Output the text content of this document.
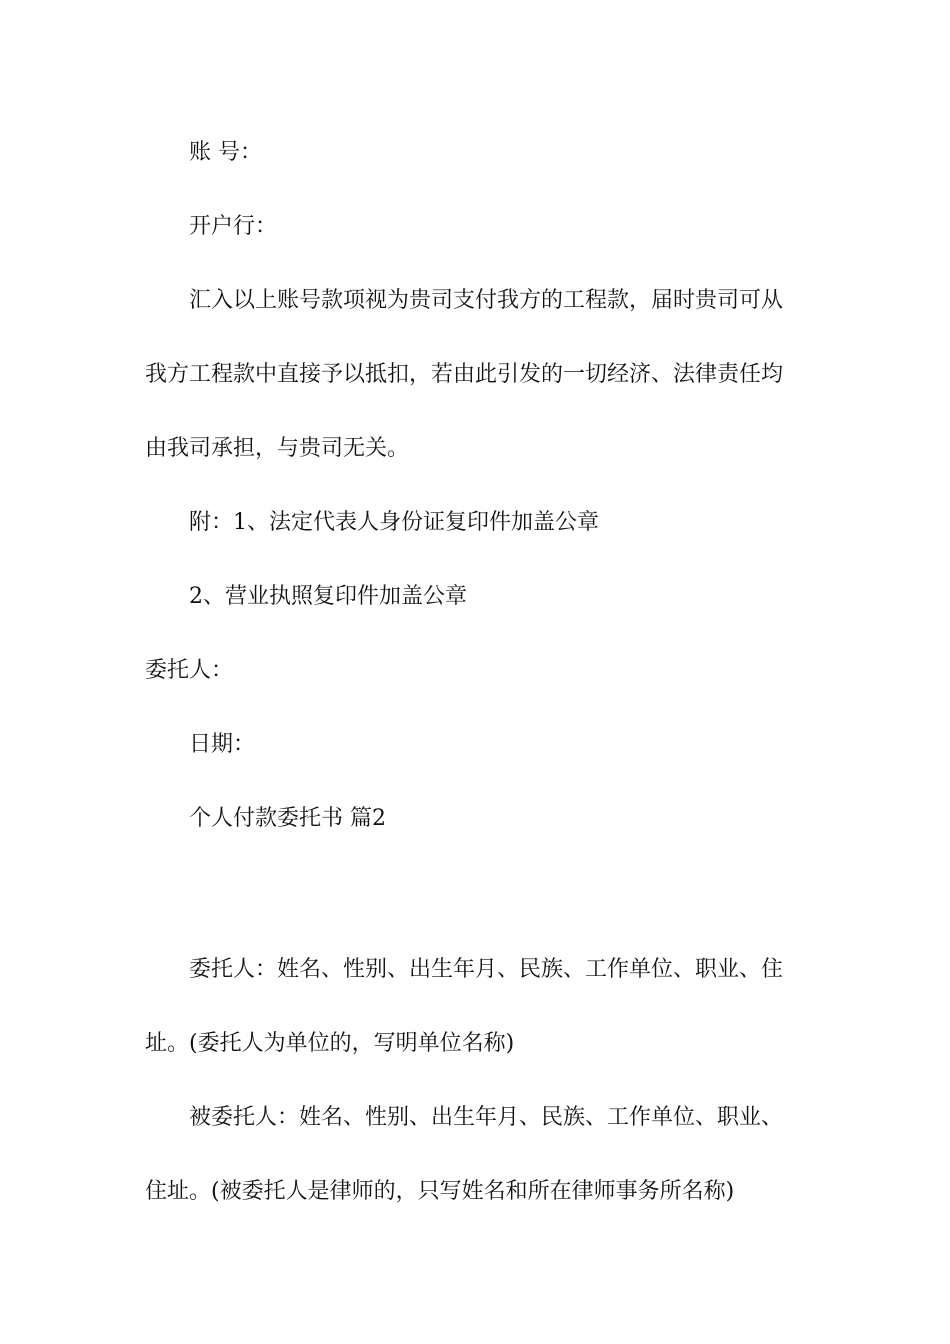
账 号：
开户行：
汇入以上账号款项视为贵司支付我方的工程款，届时贵司可从
我方工程款中直接予以抵扣，若由此引发的一切经济、法律责任均
由我司承担，与贵司无关。
附：1、法定代表人身份证复印件加盖公章
2、营业执照复印件加盖公章
委托人：
日期：
个人付款委托书 篇2
委托人：姓名、性别、出生年月、民族、工作单位、职业、住
址。(委托人为单位的，写明单位名称)
被委托人：姓名、性别、出生年月、民族、工作单位、职业、
住址。(被委托人是律师的，只写姓名和所在律师事务所名称)
